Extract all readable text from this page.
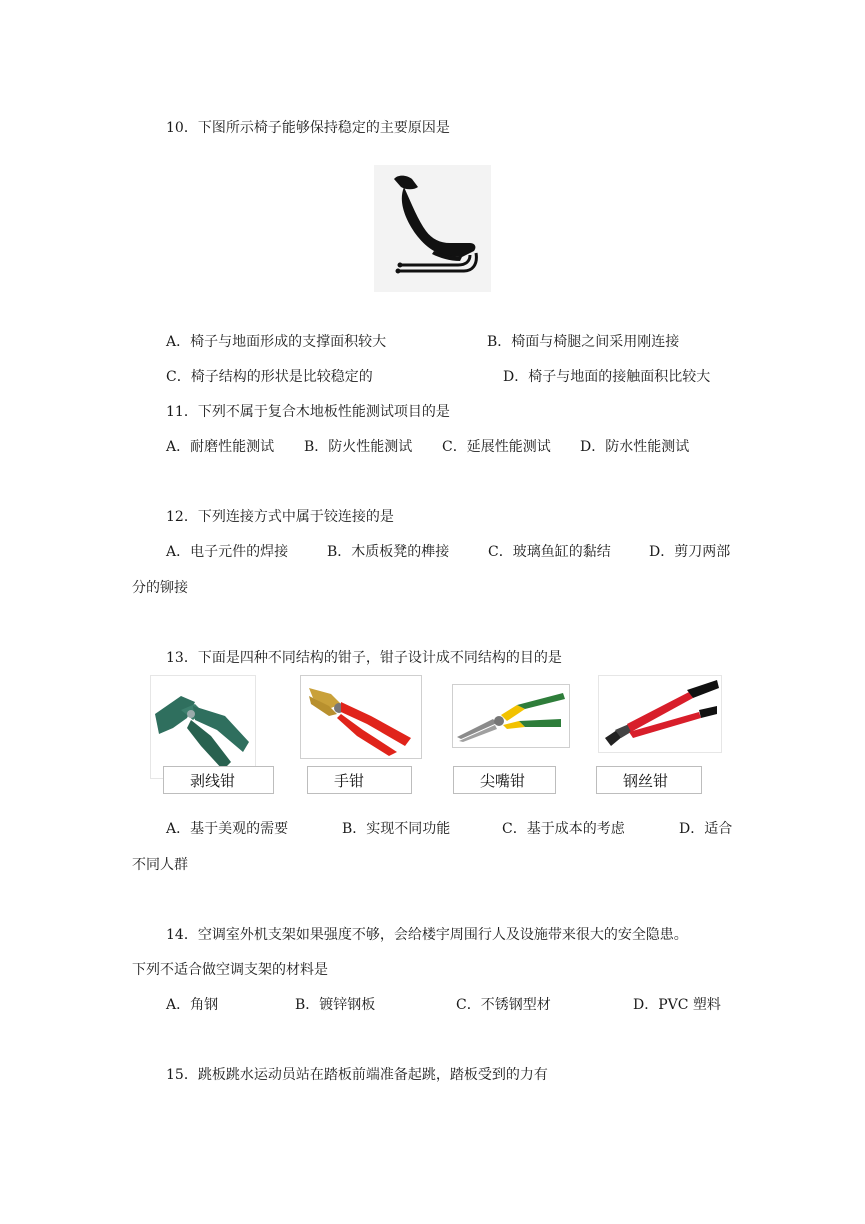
10．下图所示椅子能够保持稳定的主要原因是
A．椅子与地面形成的支撑面积较大	B．椅面与椅腿之间采用刚连接
C．椅子结构的形状是比较稳定的	D．椅子与地面的接触面积比较大
11．下列不属于复合木地板性能测试项目的是
A．耐磨性能测试 B．防火性能测试 C．延展性能测试 D．防水性能测试
12．下列连接方式中属于铰连接的是
A．电子元件的焊接	B．木质板凳的榫接	C．玻璃鱼缸的黏结	D．剪刀两部
分的铆接
13．下面是四种不同结构的钳子，钳子设计成不同结构的目的是
剥线钳	手钳	尖嘴钳	钢丝钳
A．基于美观的需要	B．实现不同功能	C．基于成本的考虑	D．适合
不同人群
14．空调室外机支架如果强度不够，会给楼宇周围行人及设施带来很大的安全隐患。
下列不适合做空调支架的材料是
A．角钢	B．镀锌钢板	C．不锈钢型材	D．PVC 塑料
15．跳板跳水运动员站在踏板前端准备起跳，踏板受到的力有
